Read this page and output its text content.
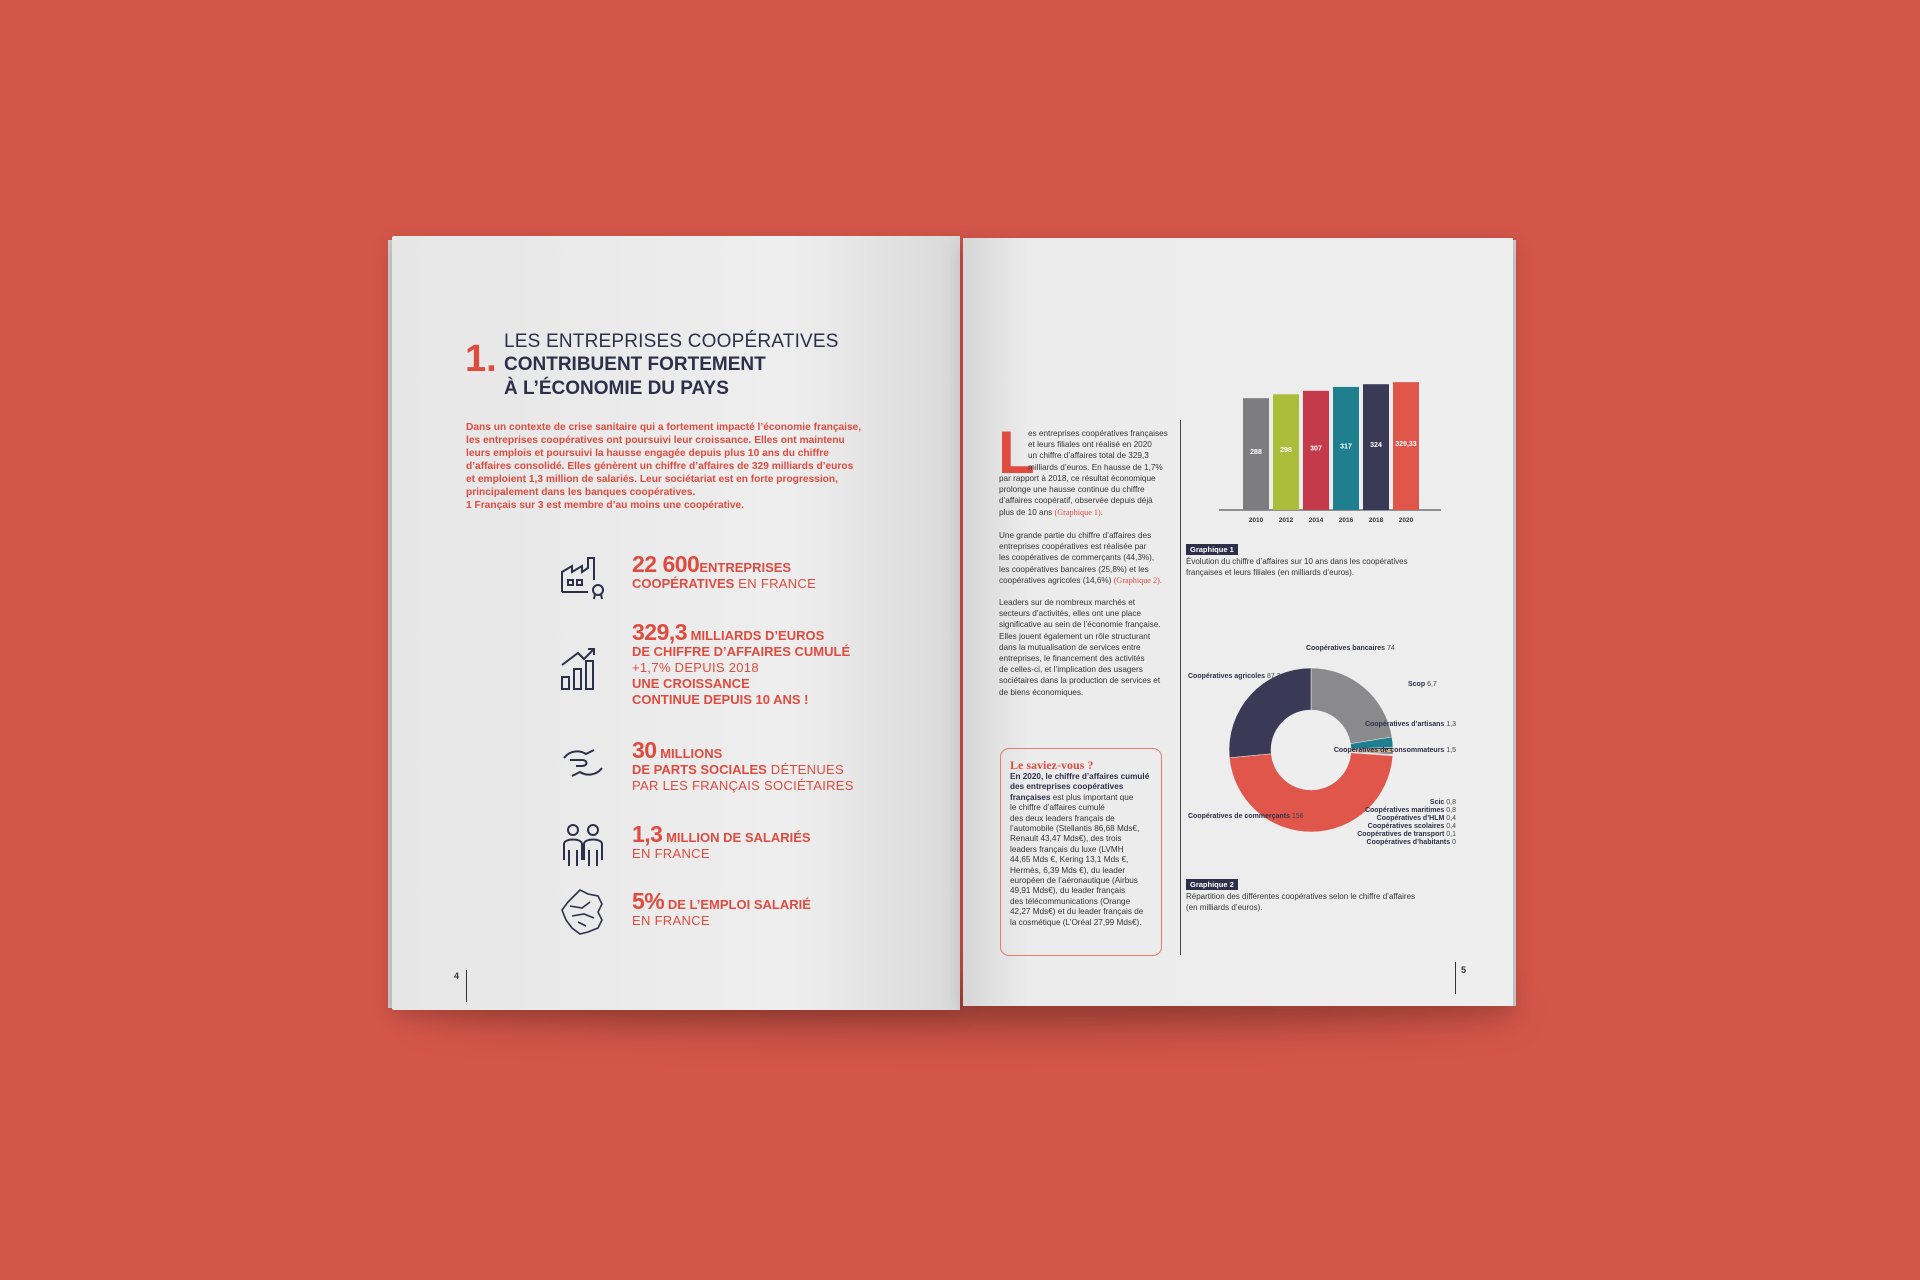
1. LES ENTREPRISES COOPÉRATIVES
CONTRIBUENT FORTEMENT
À L’ÉCONOMIE DU PAYS

Dans un contexte de crise sanitaire qui a fortement impacté l’économie française,

les entreprises coopératives ont poursuivi leur croissance. Elles ont maintenu

leurs emplois et poursuivi la hausse engagée depuis plus 10 ans du chiffre

d’affaires consolidé. Elles génèrent un chiffre d’affaires de 329 milliards d’euros

et emploient 1,3 million de salariés. Leur sociétariat est en forte progression,

principalement dans les banques coopératives.

1 Français sur 3 est membre d’au moins une coopérative.

22 600ENTREPRISES
COOPÉRATIVES EN FRANCE
329,3 MILLIARDS D’EUROS
DE CHIFFRE D’AFFAIRES CUMULÉ
+1,7% DEPUIS 2018
UNE CROISSANCE
CONTINUE DEPUIS 10 ANS !
30 MILLIONS
DE PARTS SOCIALES DÉTENUES
PAR LES FRANÇAIS SOCIÉTAIRES
1,3 MILLION DE SALARIÉS
EN FRANCE
5% DE L’EMPLOI SALARIÉ
EN FRANCE
4
L
es entreprises coopératives françaises
et leurs filiales ont réalisé en 2020
un chiffre d’affaires total de 329,3
milliards d’euros. En hausse de 1,7%
par rapport à 2018, ce résultat économique
prolonge une hausse continue du chiffre
d’affaires coopératif, observée depuis déjà
plus de 10 ans (Graphique 1).
Une grande partie du chiffre d’affaires des
entreprises coopératives est réalisée par
les coopératives de commerçants (44,3%),
les coopératives bancaires (25,8%) et les
coopératives agricoles (14,6%) (Graphique 2).
Leaders sur de nombreux marchés et
secteurs d’activités, elles ont une place
significative au sein de l’économie française.
Elles jouent également un rôle structurant
dans la mutualisation de services entre
entreprises, le financement des activités
de celles-ci, et l’implication des usagers
sociétaires dans la production de services et
de biens économiques.
Le saviez-vous ?
En 2020, le chiffre d’affaires cumulé
des entreprises coopératives
françaises est plus important que
le chiffre d’affaires cumulé
des deux leaders français de
l’automobile (Stellantis 86,68 Mds€,
Renault 43,47 Mds€), des trois
leaders français du luxe (LVMH
44,65 Mds €, Kering 13,1 Mds €,
Hermès, 6,39 Mds €), du leader
européen de l’aéronautique (Airbus
49,91 Mds€), du leader français
des télécommunications (Orange
42,27 Mds€) et du leader français de
la cosmétique (L’Oréal 27,99 Mds€).
288
2010
298
2012
307
2014
317
2016
324
2018
329,33
2020
Graphique 1
Évolution du chiffre d’affaires sur 10 ans dans les coopératives
françaises et leurs filiales (en milliards d’euros).
Coopératives bancaires 74
Scop 6,7
Coopératives d’artisans 1,3
Coopératives de consommateurs 1,5
Scic 0,8
Coopératives maritimes 0,8
Coopératives d’HLM 0,4
Coopératives scolaires 0,4
Coopératives de transport 0,1
Coopératives d’habitants 0
Coopératives de commerçants 156
Coopératives agricoles 87,3
Graphique 2
Répartition des différentes coopératives selon le chiffre d’affaires
(en milliards d’euros).
5
